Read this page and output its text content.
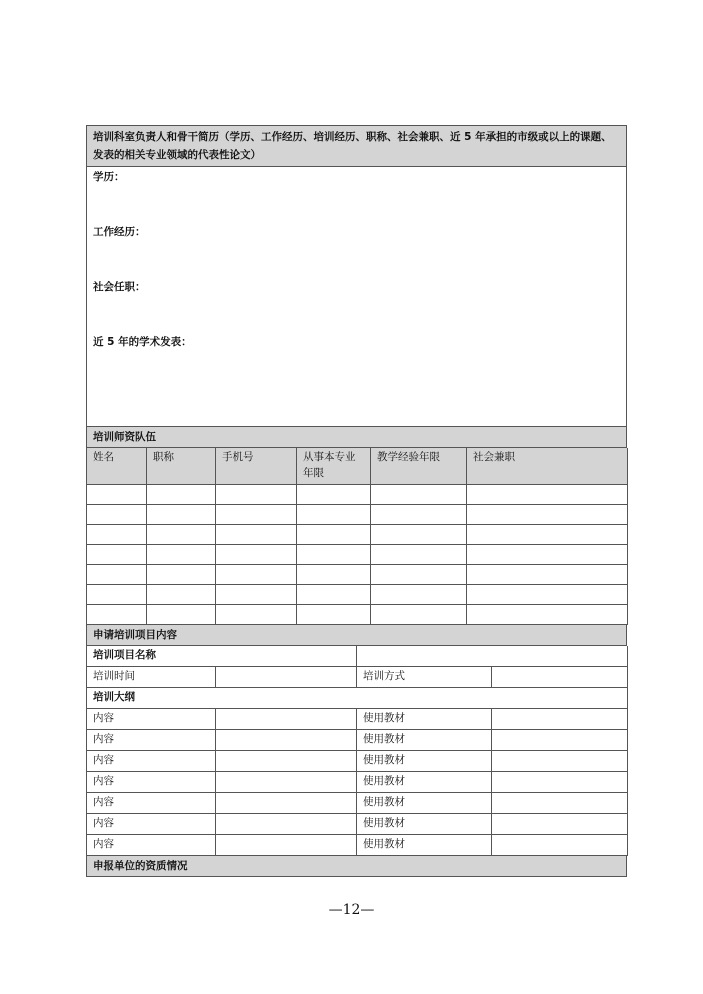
培训科室负责人和骨干简历（学历、工作经历、培训经历、职称、社会兼职、近 5 年承担的市级或以上的课题、发表的相关专业领域的代表性论文）
学历：
工作经历：
社会任职：
近 5 年的学术发表：
培训师资队伍
姓名	职称	手机号	从事本专业年限	教学经验年限	社会兼职

申请培训项目内容
培训项目名称			
培训时间		培训方式	
培训大纲			
内容		使用教材	
内容		使用教材	
内容		使用教材	
内容		使用教材	
内容		使用教材	
内容		使用教材	
内容		使用教材	
申报单位的资质情况
—12—
